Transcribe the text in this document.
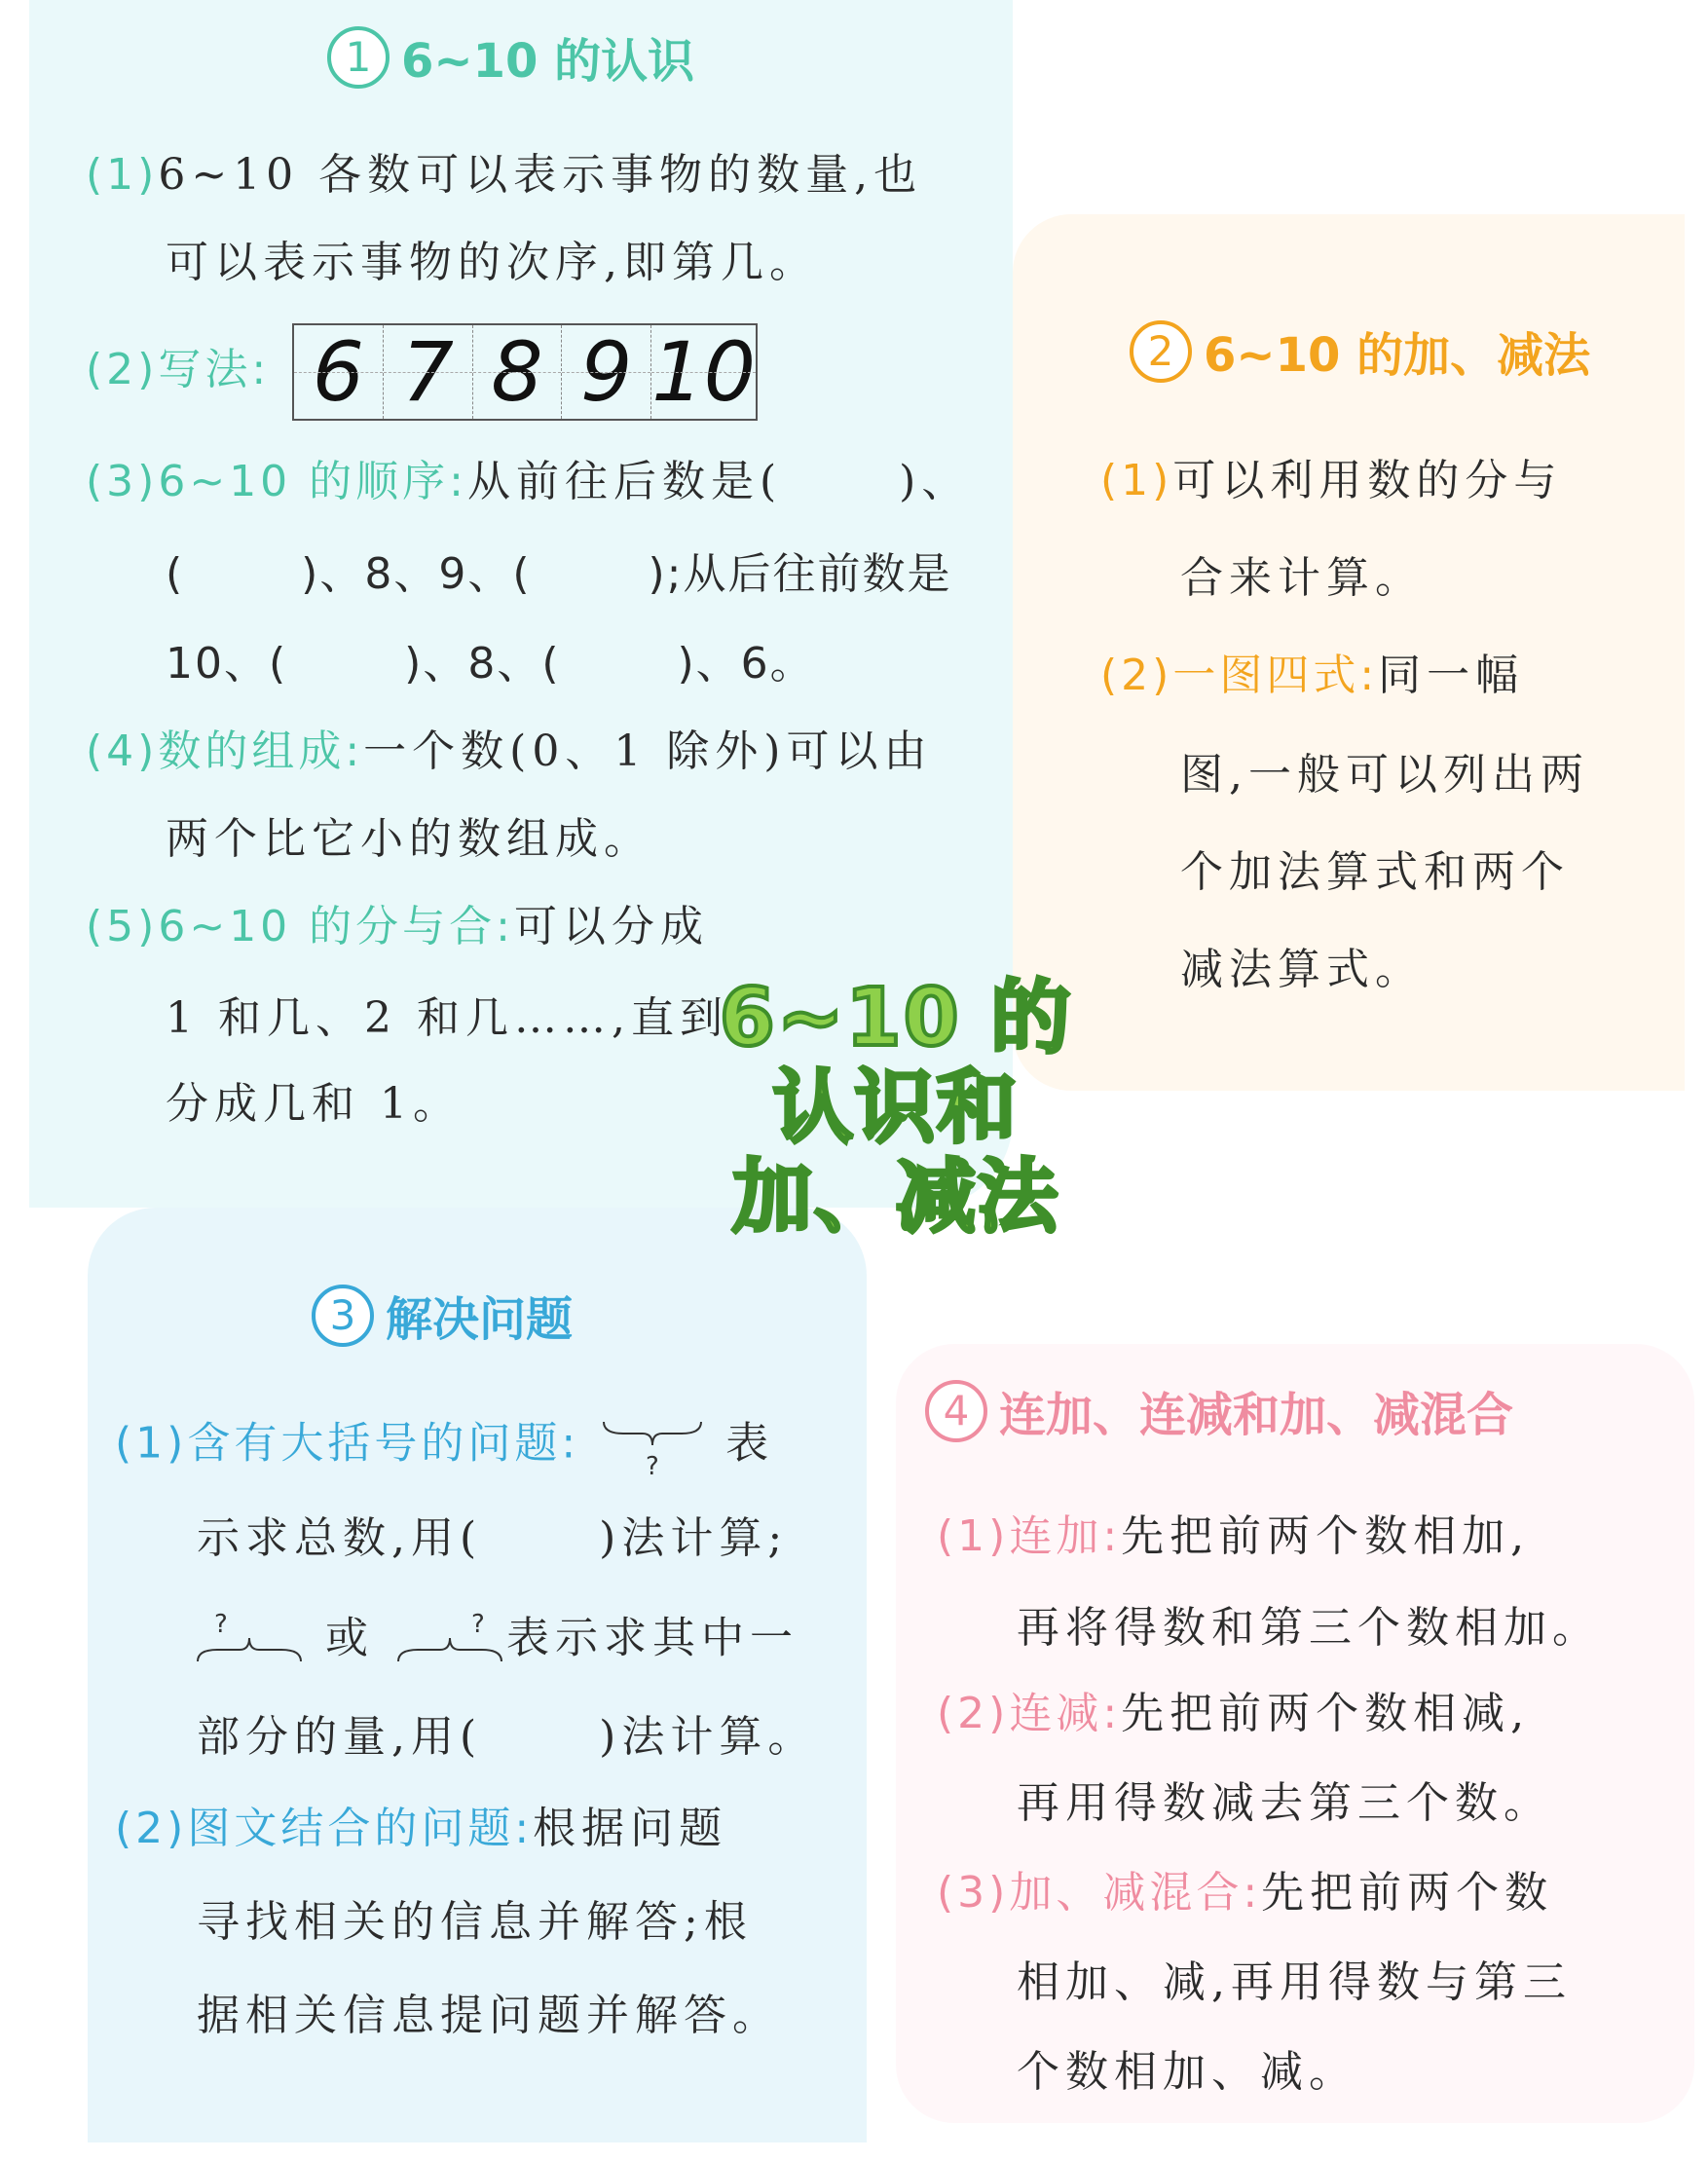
1 6~10 的认识
(1)6~10 各数可以表示事物的数量,也
可以表示事物的次序,即第几。
(2)写法: 6 7 8 9 10
(3)6~10 的顺序:从前往后数是(	)、
(	)、8、9、(	);从后往前数是
10、(	)、8、(	)、6。
(4)数的组成:一个数(0、1 除外)可以由
两个比它小的数组成。
(5)6~10 的分与合:可以分成
1 和几、2 和几……,直到
分成几和 1。
2 6~10 的加、减法
(1)可以利用数的分与
合来计算。
(2)一图四式:同一幅
图,一般可以列出两
个加法算式和两个
减法算式。
6~10 的
认识和
加、减法
3 解决问题
(1)含有大括号的问题:	? 表
示求总数,用(	)法计算;
? 或	? 表示求其中一
部分的量,用(	)法计算。
(2)图文结合的问题:根据问题
寻找相关的信息并解答;根
据相关信息提问题并解答。
4 连加、连减和加、减混合
(1)连加:先把前两个数相加,
再将得数和第三个数相加。
(2)连减:先把前两个数相减,
再用得数减去第三个数。
(3)加、减混合:先把前两个数
相加、减,再用得数与第三
个数相加、减。
